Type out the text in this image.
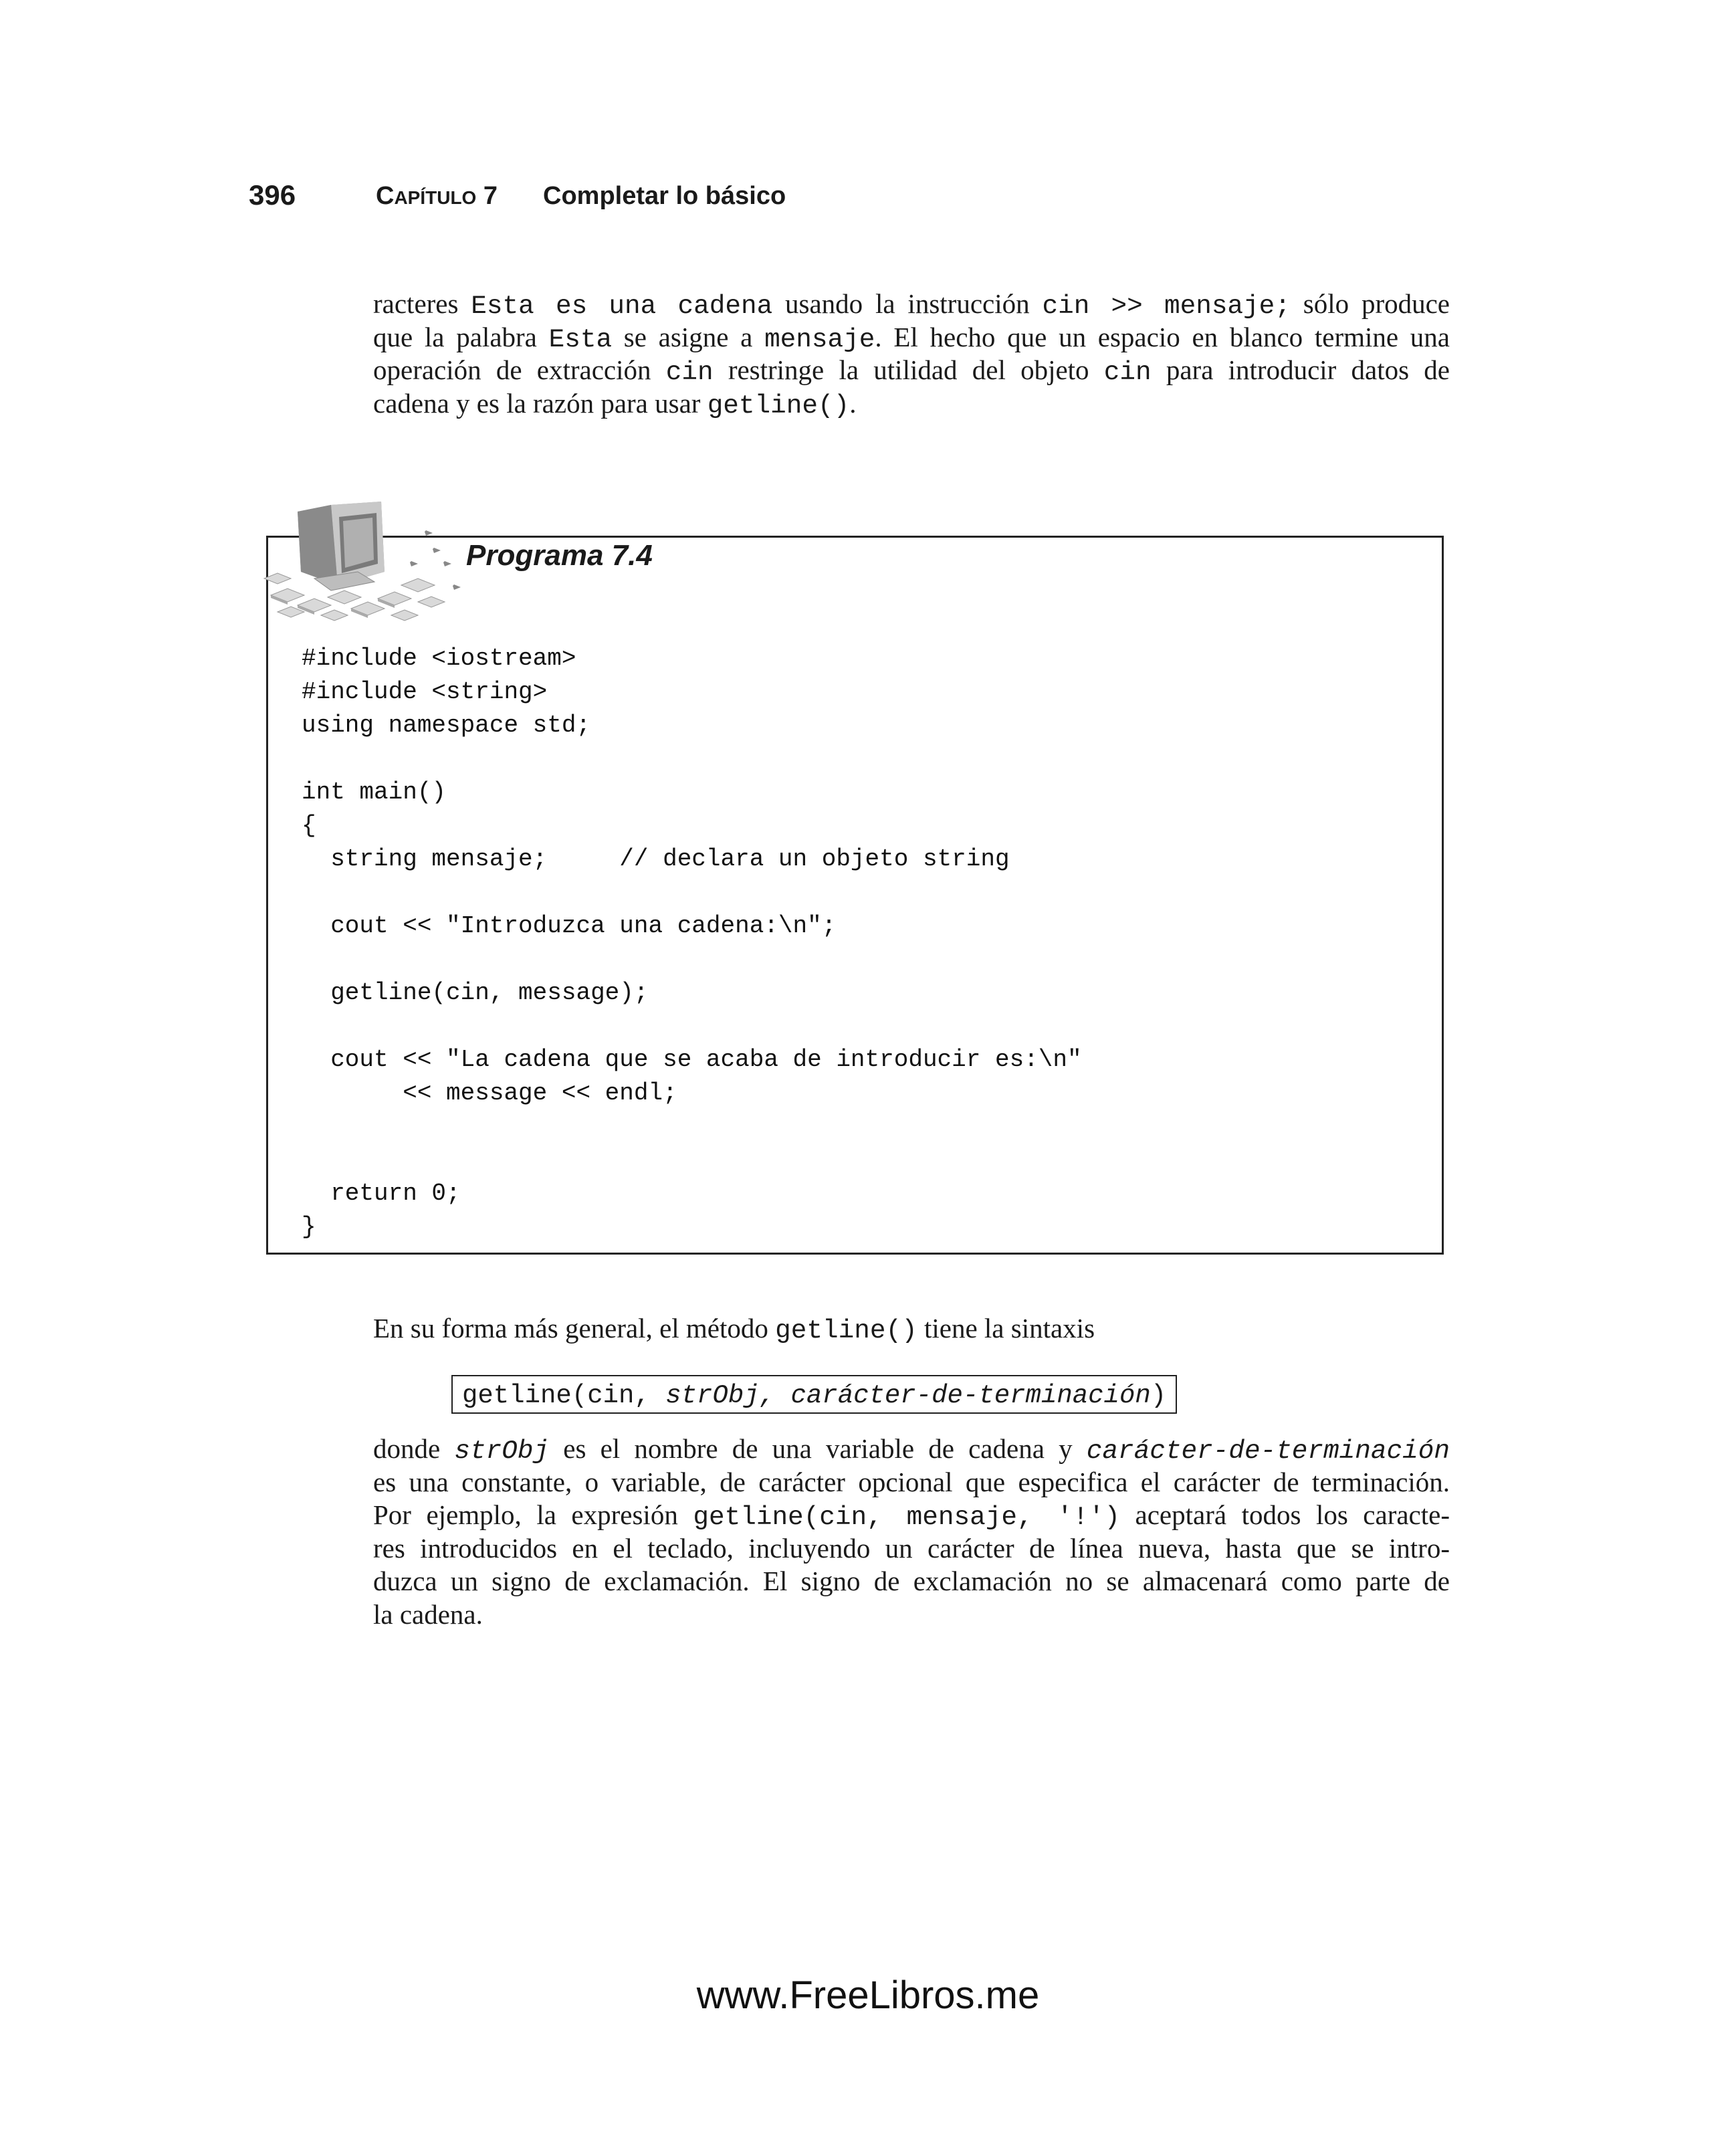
396	CAPÍTULO 7 Completar lo básico

racteres Esta es una cadena usando la instrucción cin >> mensaje; sólo produce
que la palabra Esta se asigne a mensaje. El hecho que un espacio en blanco termine una
operación de extracción cin restringe la utilidad del objeto cin para introducir datos de
cadena y es la razón para usar getline().

Programa 7.4
#include <iostream>
#include <string>
using namespace std;

int main()
{
string mensaje;     // declara un objeto string

cout << "Introduzca una cadena:\n";

getline(cin, message);

cout << "La cadena que se acaba de introducir es:\n"
<< message << endl;

return 0;
}

En su forma más general, el método getline() tiene la sintaxis

getline(cin, strObj, carácter-de-terminación)

donde strObj es el nombre de una variable de cadena y carácter-de-terminación
es una constante, o variable, de carácter opcional que especifica el carácter de terminación.
Por ejemplo, la expresión getline(cin, mensaje, '!') aceptará todos los caracte-
res introducidos en el teclado, incluyendo un carácter de línea nueva, hasta que se intro-
duzca un signo de exclamación. El signo de exclamación no se almacenará como parte de
la cadena.

www.FreeLibros.me
